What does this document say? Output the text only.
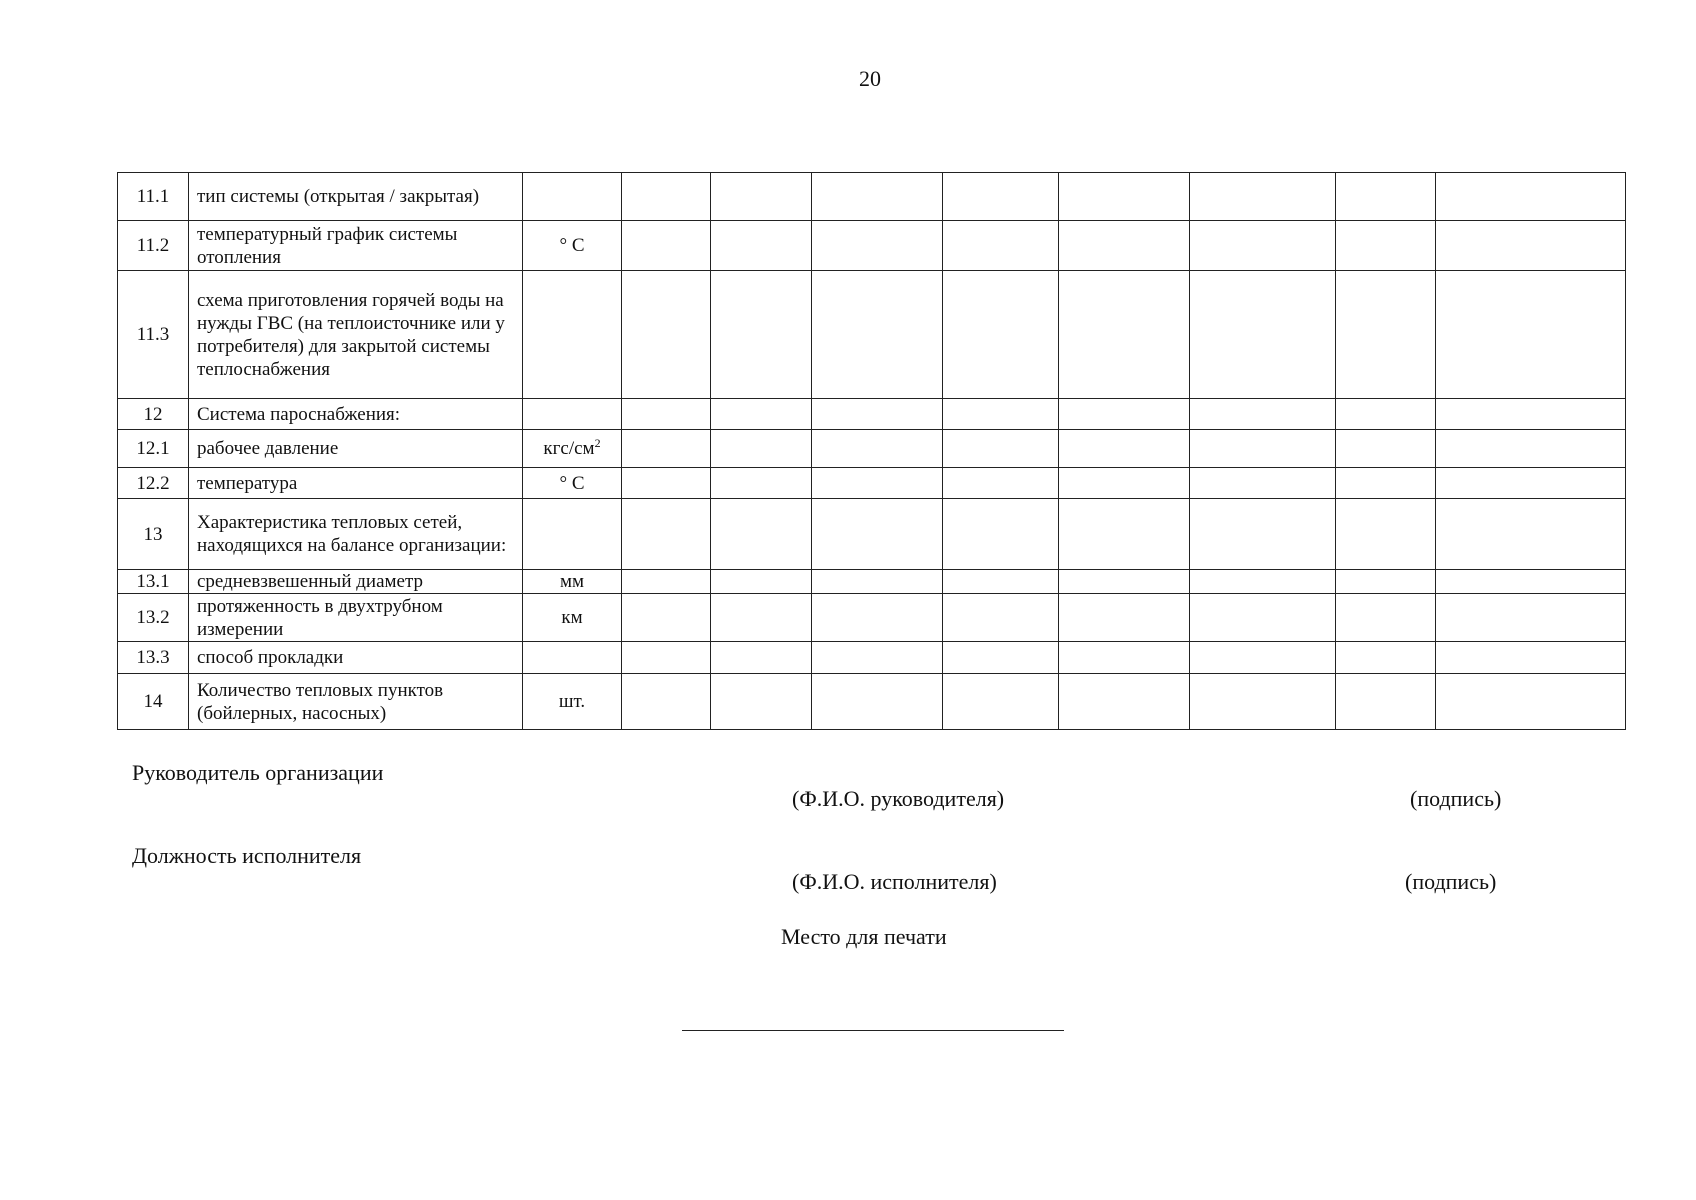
20
11.1	тип системы (открытая / закрытая)									
11.2	температурный график системы отопления	° С								
11.3	схема приготовления горячей воды на нужды ГВС (на теплоисточнике или у потребителя) для закрытой системы теплоснабжения									
12	Система пароснабжения:									
12.1	рабочее давление	кгс/$см^2$								
12.2	температура	° С								
13	Характеристика тепловых сетей, находящихся на балансе организации:									
13.1	средневзвешенный диаметр	мм								
13.2	протяженность в двухтрубном измерении	км								
13.3	способ прокладки									
14	Количество тепловых пунктов (бойлерных, насосных)	шт.								
Руководитель организации
(Ф.И.О. руководителя)	(подпись)
Должность исполнителя
(Ф.И.О. исполнителя)	(подпись)
Место для печати
